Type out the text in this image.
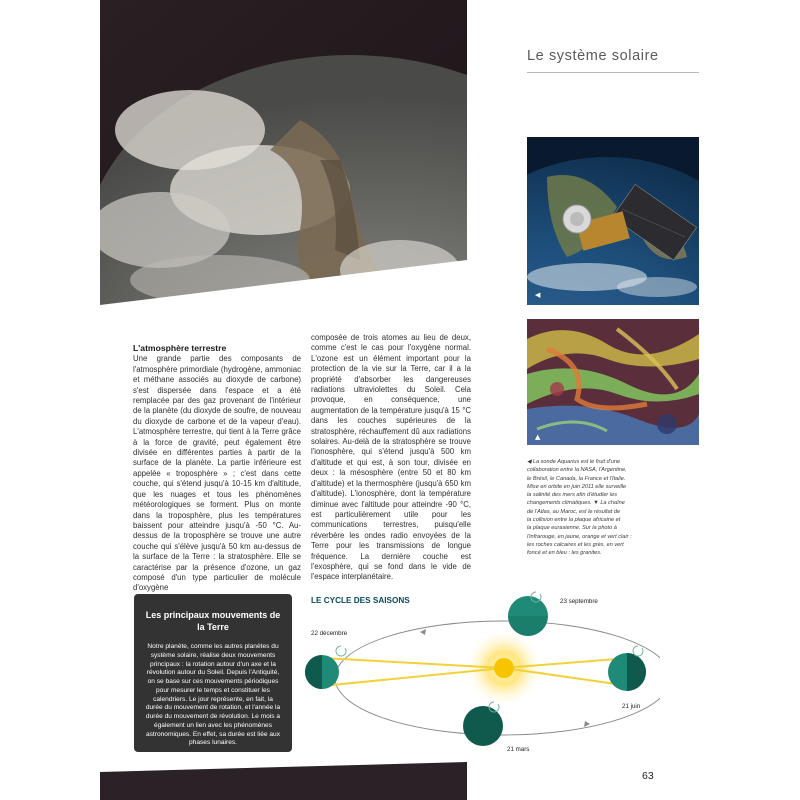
Le système solaire
◀
▲
◀ La sonde Aquarius est le fruit d'une
collaboration entre la NASA, l'Argentine,
le Brésil, le Canada, la France et l'Italie.
Mise en orbite en juin 2011 elle surveille
la salinité des mers afin d'étudier les
changements climatiques. ▼ La chaîne
de l'Atlas, au Maroc, est le résultat de
la collision entre la plaque africaine et
la plaque eurasienne. Sur la photo à
l'infrarouge, en jaune, orange et vert clair :
les roches calcaires et les grès, en vert
foncé et en bleu : les granites.
L'atmosphère terrestre

Une grande partie des composants de l'atmosphère primordiale (hydrogène, ammoniac et méthane associés au dioxyde de carbone) s'est dispersée dans l'espace et a été remplacée par des gaz provenant de l'intérieur de la planète (du dioxyde de soufre, de nouveau du dioxyde de carbone et de la vapeur d'eau). L'atmosphère terrestre, qui tient à la Terre grâce à la force de gravité, peut également être divisée en différentes parties à partir de la surface de la planète. La partie inférieure est appelée « troposphère » ; c'est dans cette couche, qui s'étend jusqu'à 10-15 km d'altitude, que les nuages et tous les phénomènes météorologiques se forment. Plus on monte dans la troposphère, plus les températures baissent pour atteindre jusqu'à -50 °C. Au-dessus de la troposphère se trouve une autre couche qui s'élève jusqu'à 50 km au-dessus de la surface de la Terre : la stratosphère. Elle se caractérise par la présence d'ozone, un gaz composé d'un type particulier de molécule d'oxygène

composée de trois atomes au lieu de deux, comme c'est le cas pour l'oxygène normal. L'ozone est un élément important pour la protection de la vie sur la Terre, car il a la propriété d'absorber les dangereuses radiations ultraviolettes du Soleil. Cela provoque, en conséquence, une augmentation de la température jusqu'à 15 °C dans les couches supérieures de la stratosphère, réchauffement dû aux radiations solaires. Au-delà de la stratosphère se trouve l'ionosphère, qui s'étend jusqu'à 500 km d'altitude et qui est, à son tour, divisée en deux : la mésosphère (entre 50 et 80 km d'altitude) et la thermosphère (jusqu'à 650 km d'altitude). L'ionosphère, dont la température diminue avec l'altitude pour atteindre -90 °C, est particulièrement utile pour les communications terrestres, puisqu'elle réverbère les ondes radio envoyées de la Terre pour les transmissions de longue fréquence. La dernière couche est l'exosphère, qui se fond dans le vide de l'espace interplanétaire.

Les principaux mouvements de la Terre

Notre planète, comme les autres planètes du système solaire, réalise deux mouvements principaux : la rotation autour d'un axe et la révolution autour du Soleil. Depuis l'Antiquité, on se base sur ces mouvements périodiques pour mesurer le temps et constituer les calendriers. Le jour représente, en fait, la durée du mouvement de rotation, et l'année la durée du mouvement de révolution. Le mois a également un lien avec les phénomènes astronomiques. En effet, sa durée est liée aux phases lunaires.

LE CYCLE DES SAISONS
22 décembre
23 septembre
21 juin
21 mars
63
